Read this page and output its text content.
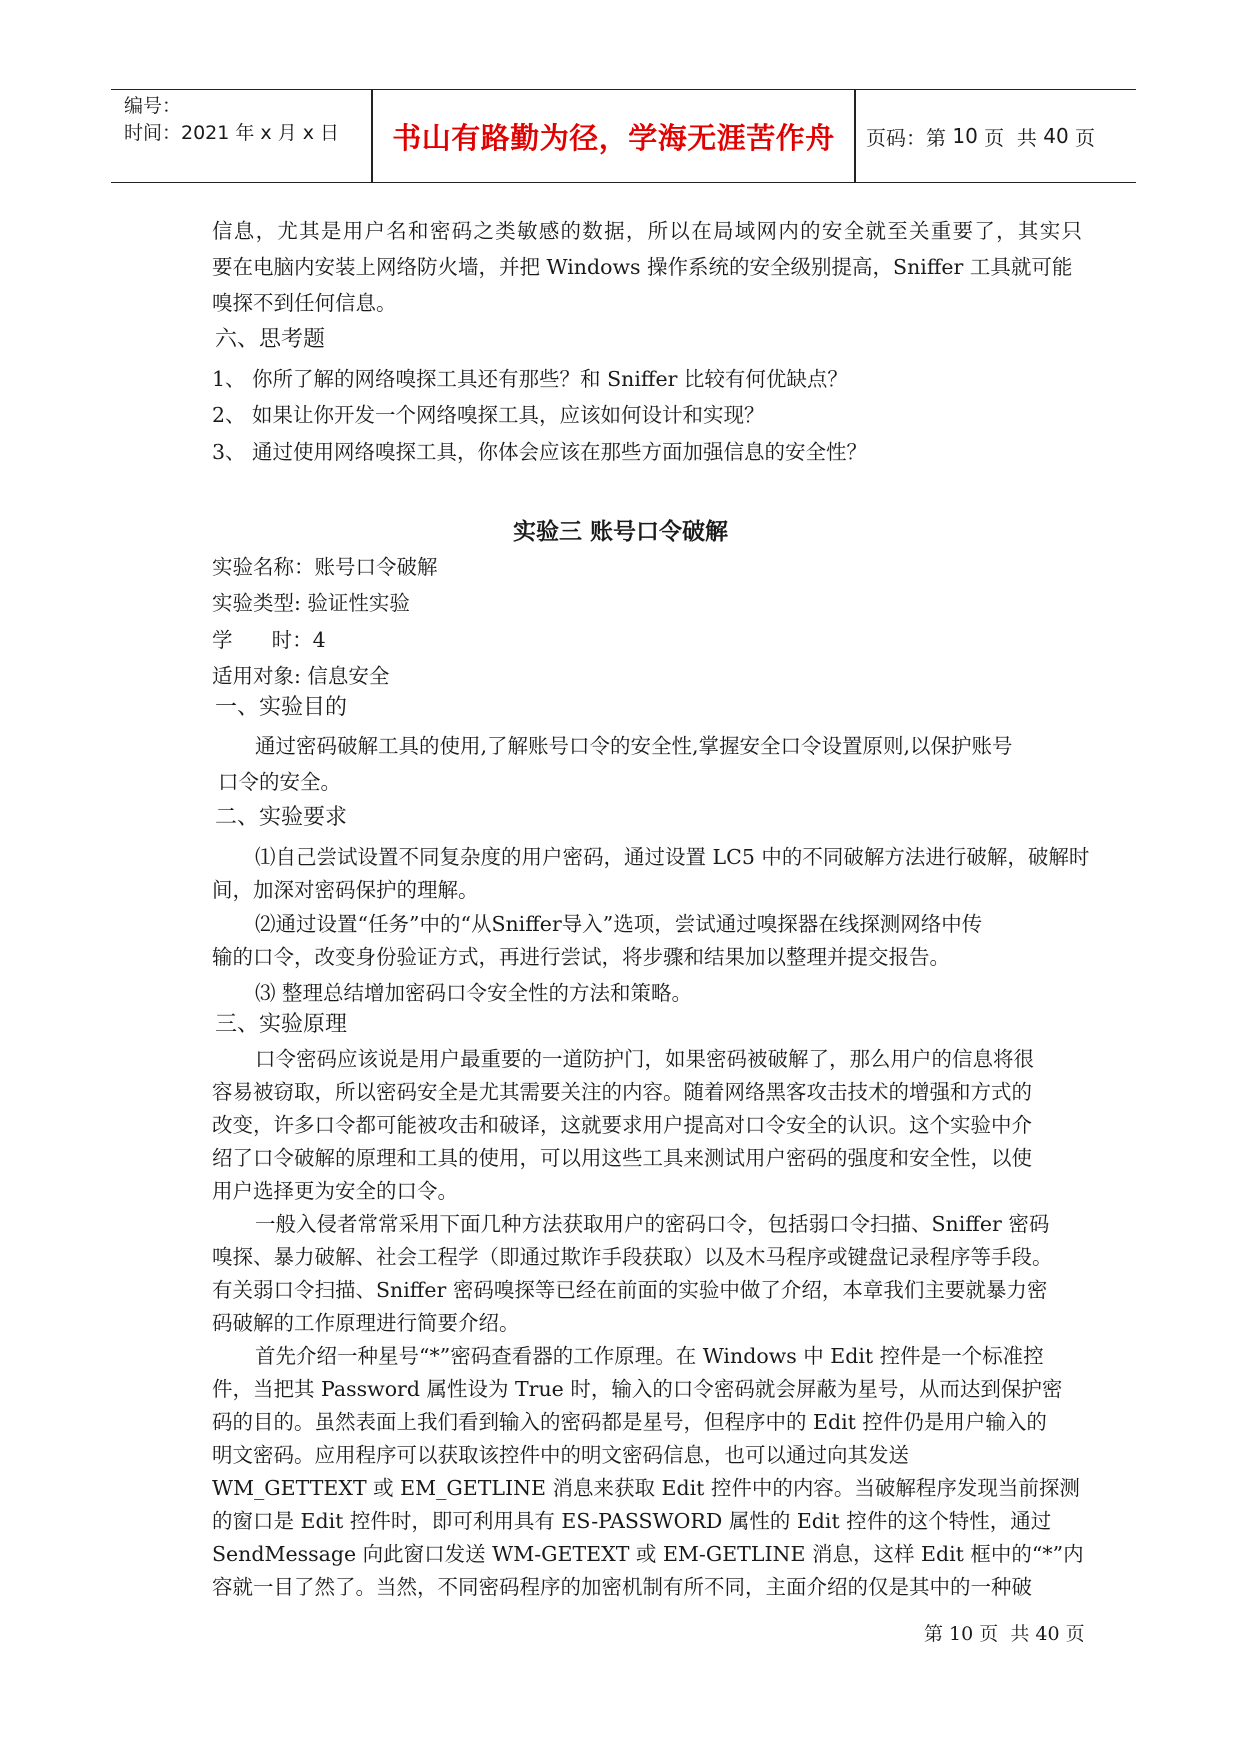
编号：
时间：2021 年 x 月 x 日	书山有路勤为径，学海无涯苦作舟	页码：第 10 页  共 40 页
信息，尤其是用户名和密码之类敏感的数据，所以在局域网内的安全就至关重要了，其实只
要在电脑内安装上网络防火墙，并把 Windows 操作系统的安全级别提高，Sniffer 工具就可能
嗅探不到任何信息。
六、思考题
1、 你所了解的网络嗅探工具还有那些？和 Sniffer 比较有何优缺点？
2、 如果让你开发一个网络嗅探工具，应该如何设计和实现？
3、 通过使用网络嗅探工具，你体会应该在那些方面加强信息的安全性？
实验三 账号口令破解
实验名称：账号口令破解
实验类型: 验证性实验
学      时：4
适用对象: 信息安全
一、实验目的
通过密码破解工具的使用,了解账号口令的安全性,掌握安全口令设置原则,以保护账号
口令的安全。
二、实验要求
⑴自己尝试设置不同复杂度的用户密码，通过设置 LC5 中的不同破解方法进行破解，破解时
间，加深对密码保护的理解。
⑵通过设置“任务”中的“从Sniffer导入”选项，尝试通过嗅探器在线探测网络中传
输的口令，改变身份验证方式，再进行尝试，将步骤和结果加以整理并提交报告。
⑶ 整理总结增加密码口令安全性的方法和策略。
三、实验原理
口令密码应该说是用户最重要的一道防护门，如果密码被破解了，那么用户的信息将很
容易被窃取，所以密码安全是尤其需要关注的内容。随着网络黑客攻击技术的增强和方式的
改变，许多口令都可能被攻击和破译，这就要求用户提高对口令安全的认识。这个实验中介
绍了口令破解的原理和工具的使用，可以用这些工具来测试用户密码的强度和安全性，以使
用户选择更为安全的口令。
一般入侵者常常采用下面几种方法获取用户的密码口令，包括弱口令扫描、Sniffer 密码
嗅探、暴力破解、社会工程学（即通过欺诈手段获取）以及木马程序或键盘记录程序等手段。
有关弱口令扫描、Sniffer 密码嗅探等已经在前面的实验中做了介绍，本章我们主要就暴力密
码破解的工作原理进行简要介绍。
首先介绍一种星号“*”密码查看器的工作原理。在 Windows 中 Edit 控件是一个标准控
件，当把其 Password 属性设为 True 时，输入的口令密码就会屏蔽为星号，从而达到保护密
码的目的。虽然表面上我们看到输入的密码都是星号，但程序中的 Edit 控件仍是用户输入的
明文密码。应用程序可以获取该控件中的明文密码信息，也可以通过向其发送
WM_GETTEXT 或 EM_GETLINE 消息来获取 Edit 控件中的内容。当破解程序发现当前探测
的窗口是 Edit 控件时，即可利用具有 ES-PASSWORD 属性的 Edit 控件的这个特性，通过
SendMessage 向此窗口发送 WM-GETEXT 或 EM-GETLINE 消息，这样 Edit 框中的“*”内
容就一目了然了。当然，不同密码程序的加密机制有所不同，主面介绍的仅是其中的一种破
第 10 页  共 40 页
